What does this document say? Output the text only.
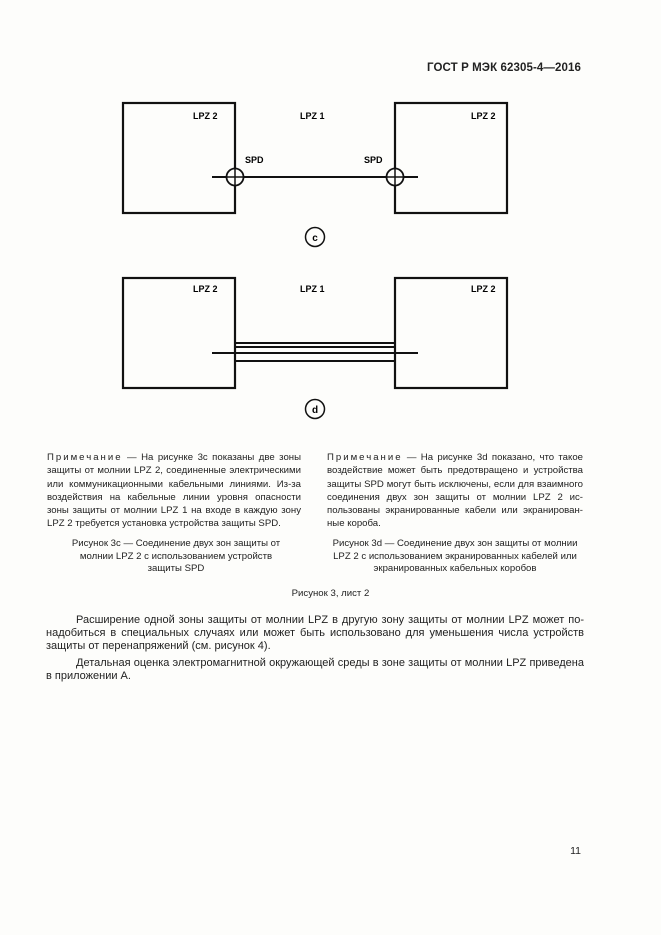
ГОСТ Р МЭК 62305-4—2016
LPZ 2	LPZ 1	LPZ 2
SPD	SPD
c
LPZ 2	LPZ 1	LPZ 2
d
Примечание — На рисунке 3c показаны две зоны защиты от молнии LPZ 2, соединенные электрическими или коммуникационными кабельными линиями. Из-за воздействия на кабельные линии уровня опасности зоны защиты от молнии LPZ 1 на входе в каждую зону LPZ 2 требуется установка устройства защиты SPD.
Примечание — На рисунке 3d показано, что такое воздействие может быть предотвращено и устройства защиты SPD могут быть исключены, если для взаимного соединения двух зон защиты от молнии LPZ 2 использованы экранированные кабели или экранированные короба.
Рисунок 3c — Соединение двух зон защиты от молнии LPZ 2 с использованием устройств защиты SPD
Рисунок 3d — Соединение двух зон защиты от молнии LPZ 2 с использованием экранированных кабелей или экранированных кабельных коробов
Рисунок 3, лист 2

Расширение одной зоны защиты от молнии LPZ в другую зону защиты от молнии LPZ может понадобиться в специальных случаях или может быть использовано для уменьшения числа устройств защиты от перенапряжений (см. рисунок 4).

Детальная оценка электромагнитной окружающей среды в зоне защиты от молнии LPZ приведена в приложении А.

11
